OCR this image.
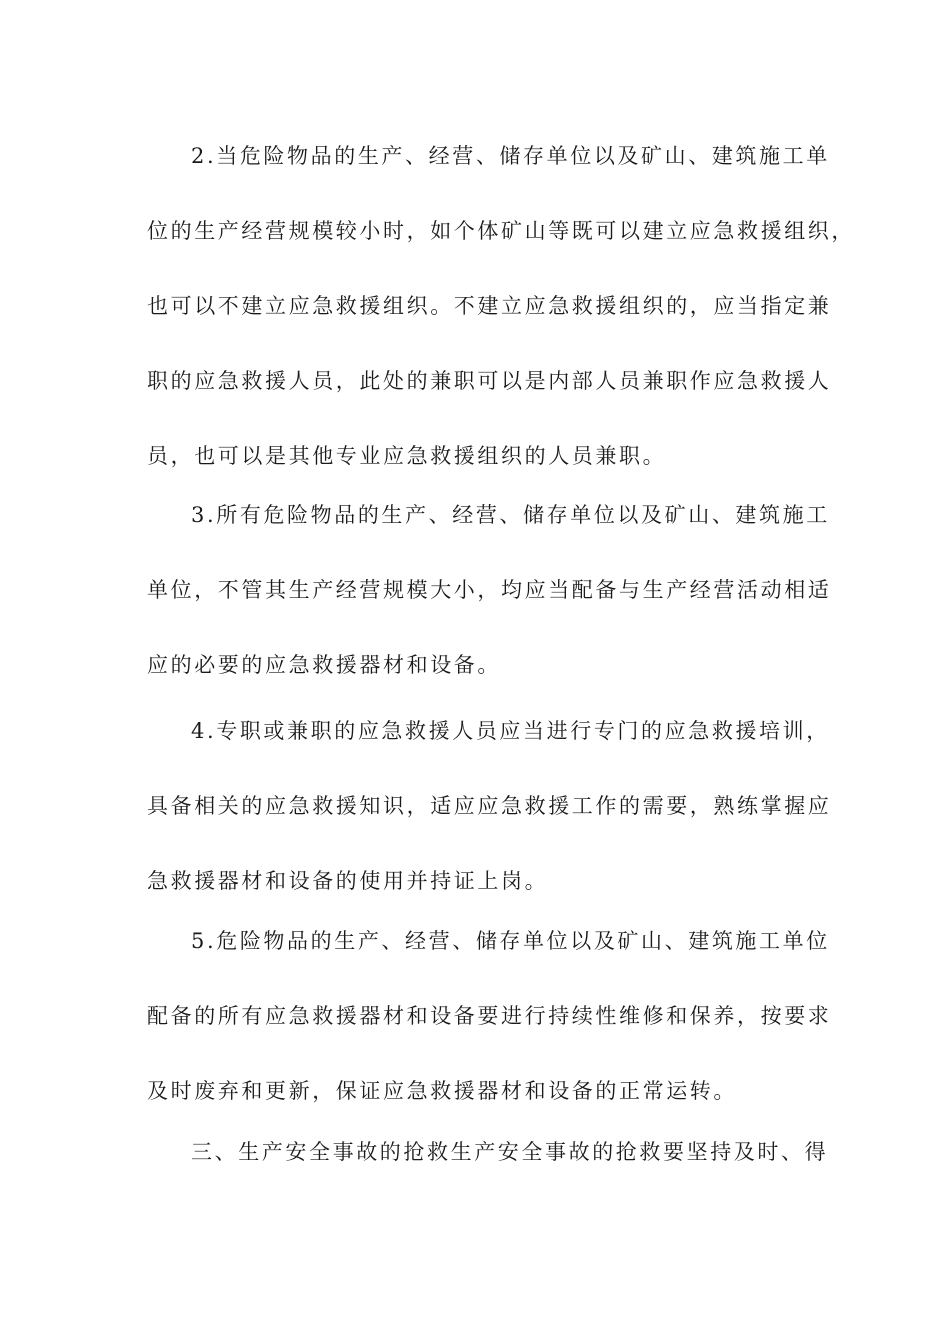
2.当危险物品的生产、经营、储存单位以及矿山、建筑施工单
位的生产经营规模较小时，如个体矿山等既可以建立应急救援组织，
也可以不建立应急救援组织。不建立应急救援组织的，应当指定兼
职的应急救援人员，此处的兼职可以是内部人员兼职作应急救援人
员，也可以是其他专业应急救援组织的人员兼职。
3.所有危险物品的生产、经营、储存单位以及矿山、建筑施工
单位，不管其生产经营规模大小，均应当配备与生产经营活动相适
应的必要的应急救援器材和设备。
4.专职或兼职的应急救援人员应当进行专门的应急救援培训，
具备相关的应急救援知识，适应应急救援工作的需要，熟练掌握应
急救援器材和设备的使用并持证上岗。
5.危险物品的生产、经营、储存单位以及矿山、建筑施工单位
配备的所有应急救援器材和设备要进行持续性维修和保养，按要求
及时废弃和更新，保证应急救援器材和设备的正常运转。
三、生产安全事故的抢救生产安全事故的抢救要坚持及时、得
